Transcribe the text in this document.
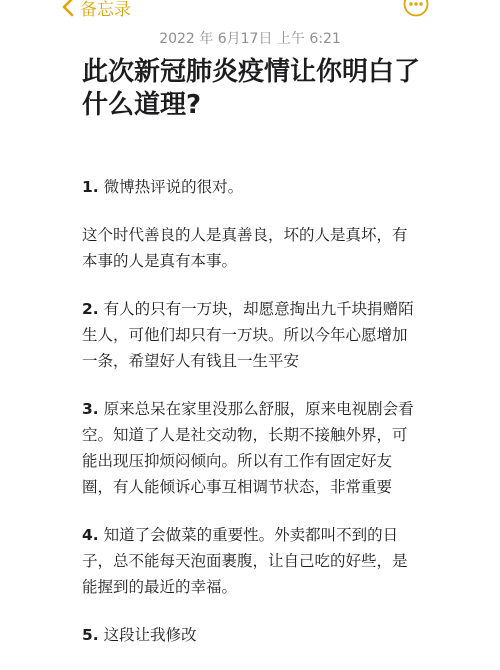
备忘录
2022 年 6月17日 上午 6:21
此次新冠肺炎疫情让你明白了什么道理?

1. 微博热评说的很对。

这个时代善良的人是真善良，坏的人是真坏，有本事的人是真有本事。

2. 有人的只有一万块，却愿意掏出九千块捐赠陌生人，可他们却只有一万块。所以今年心愿增加一条，希望好人有钱且一生平安

3. 原来总呆在家里没那么舒服，原来电视剧会看空。知道了人是社交动物，长期不接触外界，可能出现压抑烦闷倾向。所以有工作有固定好友圈，有人能倾诉心事互相调节状态，非常重要

4. 知道了会做菜的重要性。外卖都叫不到的日子，总不能每天泡面裹腹，让自己吃的好些，是能握到的最近的幸福。

5. 这段让我修改
